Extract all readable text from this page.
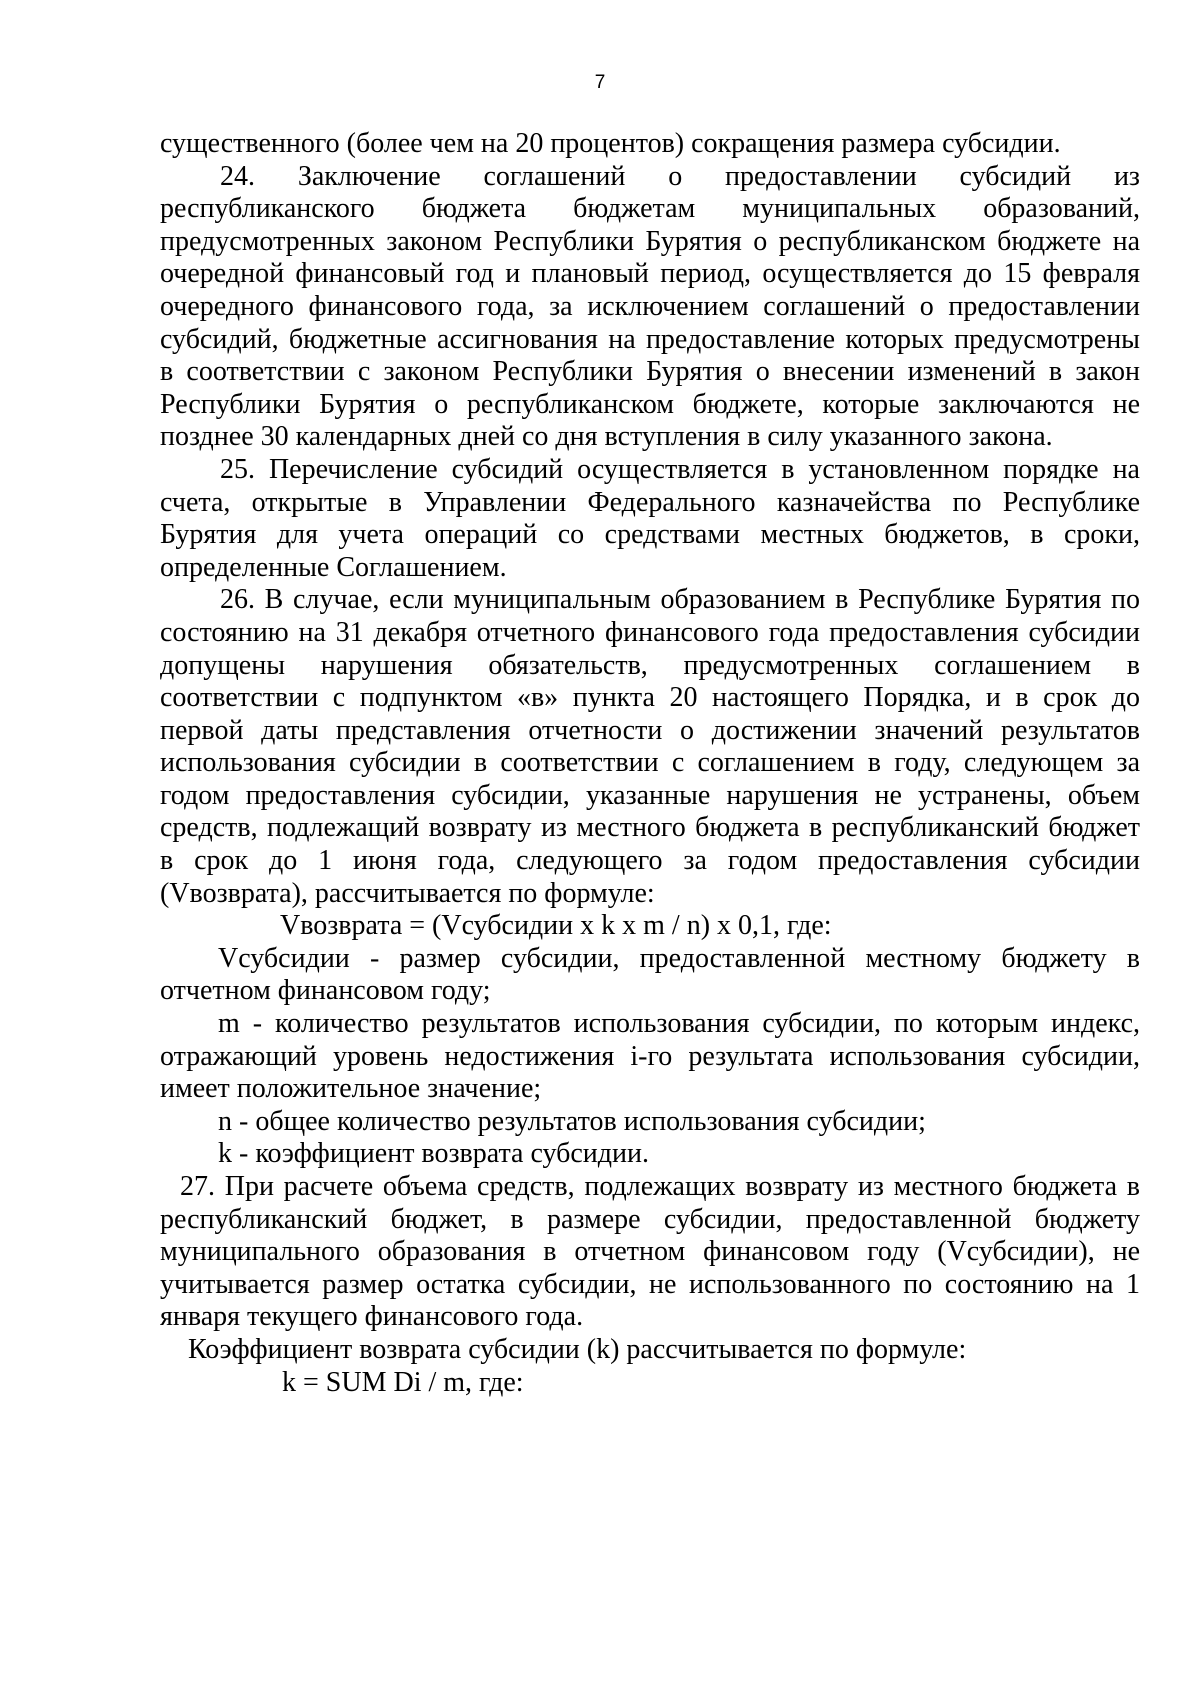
7

существенного (более чем на 20 процентов) сокращения размера субсидии.

24. Заключение соглашений о предоставлении субсидий из республиканского бюджета бюджетам муниципальных образований, предусмотренных законом Республики Бурятия о республиканском бюджете на очередной финансовый год и плановый период, осуществляется до 15 февраля очередного финансового года, за исключением соглашений о предоставлении субсидий, бюджетные ассигнования на предоставление которых предусмотрены в соответствии с законом Республики Бурятия о внесении изменений в закон Республики Бурятия о республиканском бюджете, которые заключаются не позднее 30 календарных дней со дня вступления в силу указанного закона.

25. Перечисление субсидий осуществляется в установленном порядке на счета, открытые в Управлении Федерального казначейства по Республике Бурятия для учета операций со средствами местных бюджетов, в сроки, определенные Соглашением.

26. В случае, если муниципальным образованием в Республике Бурятия по состоянию на 31 декабря отчетного финансового года предоставления субсидии допущены нарушения обязательств, предусмотренных соглашением в соответствии с подпунктом «в» пункта 20 настоящего Порядка, и в срок до первой даты представления отчетности о достижении значений результатов использования субсидии в соответствии с соглашением в году, следующем за годом предоставления субсидии, указанные нарушения не устранены, объем средств, подлежащий возврату из местного бюджета в республиканский бюджет в срок до 1 июня года, следующего за годом предоставления субсидии (Vвозврата), рассчитывается по формуле:

Vвозврата = (Vсубсидии x k x m / n) x 0,1, где:

Vсубсидии - размер субсидии, предоставленной местному бюджету в отчетном финансовом году;

m - количество результатов использования субсидии, по которым индекс, отражающий уровень недостижения i-го результата использования субсидии, имеет положительное значение;

n - общее количество результатов использования субсидии;

k - коэффициент возврата субсидии.

27. При расчете объема средств, подлежащих возврату из местного бюджета в республиканский бюджет, в размере субсидии, предоставленной бюджету муниципального образования в отчетном финансовом году (Vсубсидии), не учитывается размер остатка субсидии, не использованного по состоянию на 1 января текущего финансового года.

Коэффициент возврата субсидии (k) рассчитывается по формуле:

k = SUM Di / m, где:
